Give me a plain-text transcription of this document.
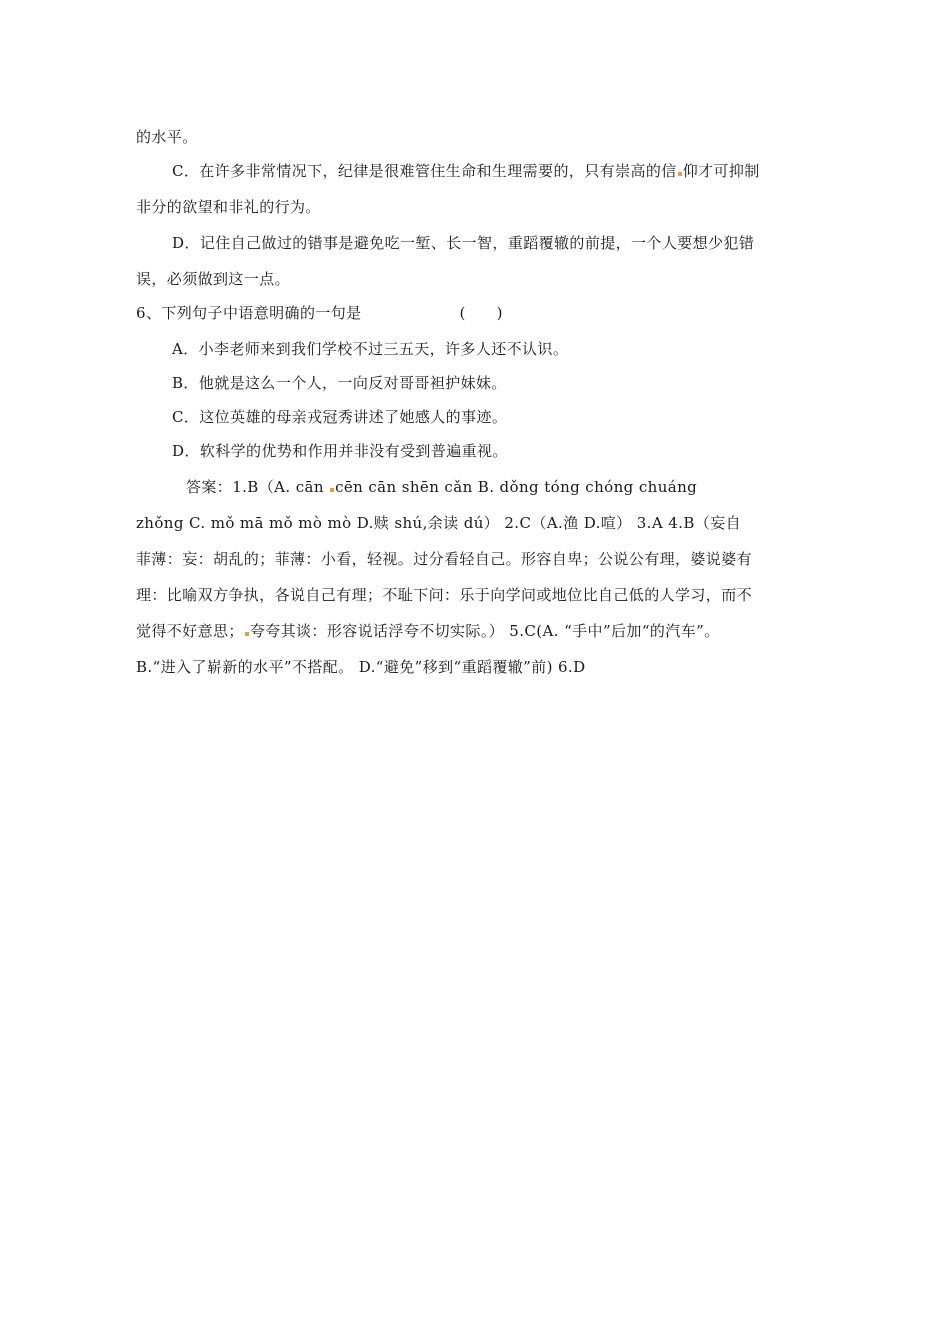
的水平。
C．在许多非常情况下，纪律是很难管住生命和生理需要的，只有崇高的信 仰才可抑制
非分的欲望和非礼的行为。
D．记住自己做过的错事是避免吃一堑、长一智，重蹈覆辙的前提，一个人要想少犯错
误，必须做到这一点。
6、下列句子中语意明确的一句是	(　　)
A．小李老师来到我们学校不过三五天，许多人还不认识。
B．他就是这么一个人，一向反对哥哥袒护妹妹。
C．这位英雄的母亲戎冠秀讲述了她感人的事迹。
D．软科学的优势和作用并非没有受到普遍重视。
答案：1.B（A. cān cēn cān shēn cǎn B. dǒng tóng chóng chuáng
zhǒng C. mǒ mā mǒ mò mò D.赎 shú,余读 dú） 2.C（A.渔 D.喧） 3.A 4.B（妄自
菲薄：妄：胡乱的；菲薄：小看，轻视。过分看轻自己。形容自卑；公说公有理，婆说婆有
理：比喻双方争执，各说自己有理；不耻下问：乐于向学问或地位比自己低的人学习，而不
觉得不好意思； 夸夸其谈：形容说话浮夸不切实际。） 5.C(A. “手中”后加“的汽车”。
B.“进入了崭新的水平”不搭配。 D.“避免”移到“重蹈覆辙”前) 6.D
